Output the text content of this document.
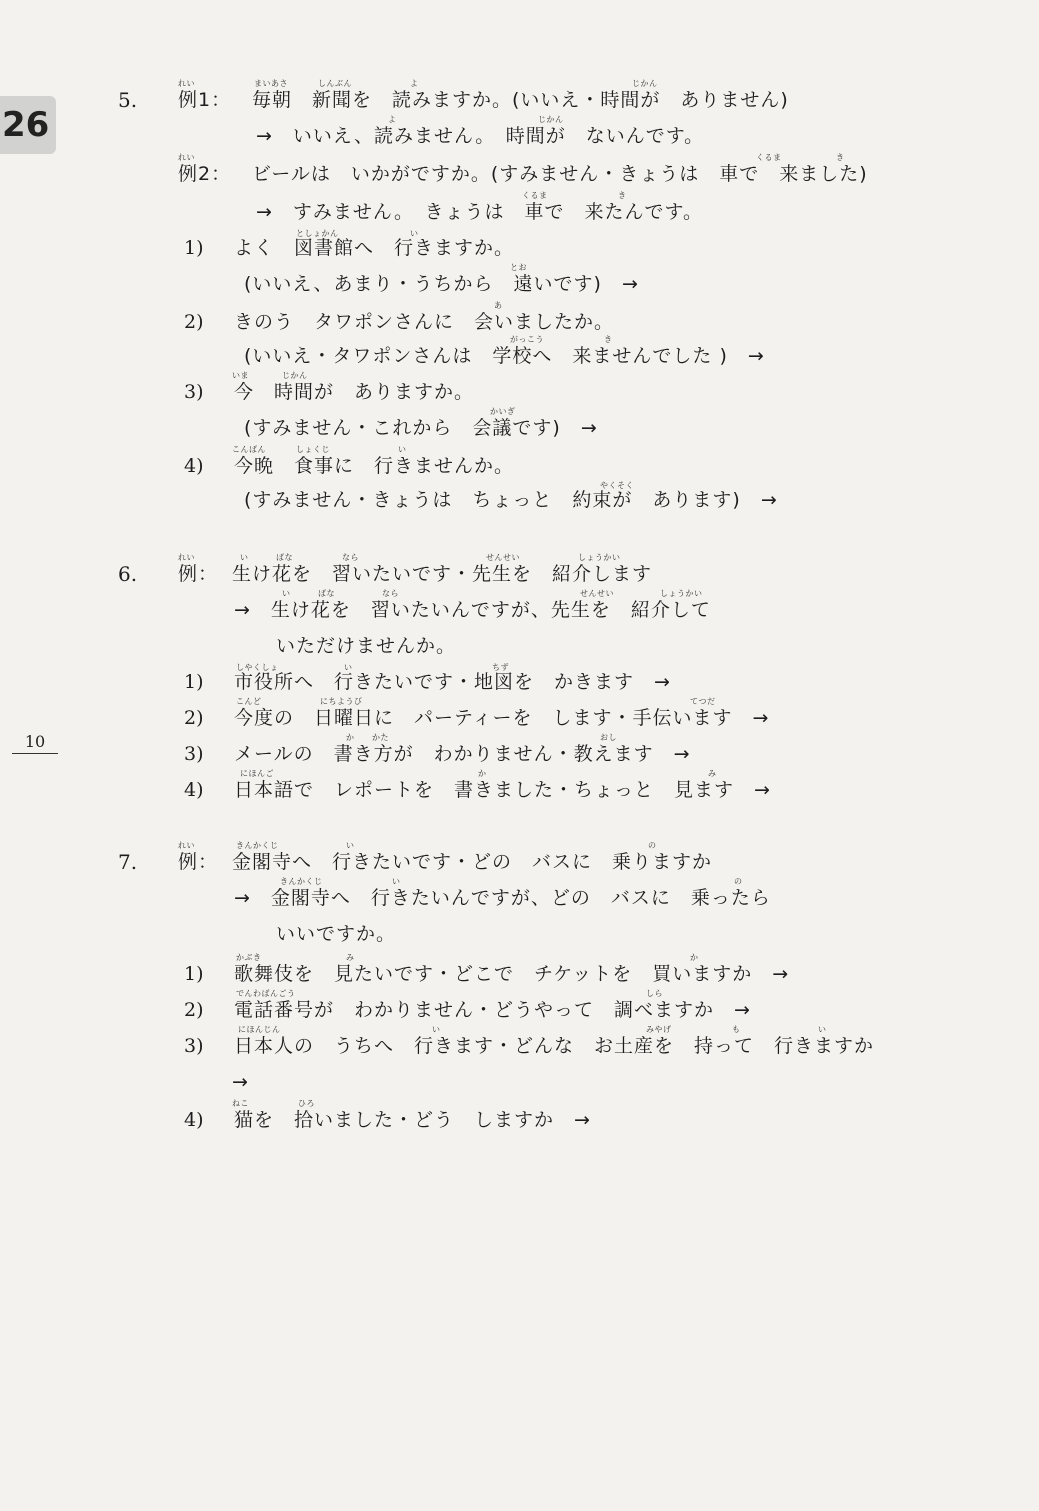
26
10
れい	まいあさ	しんぶん	よ	じかん
5. 例1： 毎朝　新聞を　読みますか。(いいえ・時間が　ありません)
よ	じかん
→　いいえ、読みません。　時間が　ないんです。
れい	くるま	き
例2： ビールは　いかがですか。(すみません・きょうは　車で　来ました)
くるま	き
→　すみません。　きょうは　車で　来たんです。
としょかん	い
1) よく　図書館へ　行きますか。
とお
(いいえ、あまり・うちから　遠いです)　→
あ
2) きのう　タワポンさんに　会いましたか。
がっこう	き
(いいえ・タワポンさんは　学校へ　来ませんでした )　→
いま	じかん
3) 今　時間が　ありますか。
かいぎ
(すみません・これから　会議です)　→
こんばん	しょくじ	い
4) 今晩　食事に　行きませんか。
やくそく
(すみません・きょうは　ちょっと　約束が　あります)　→
れい	い	ばな	なら	せんせい	しょうかい
6. 例： 生け花を　習いたいです・先生を　紹介します
い	ばな	なら	せんせい	しょうかい
→　生け花を　習いたいんですが、先生を　紹介して
いただけませんか。
しやくしょ	い	ちず
1) 市役所へ　行きたいです・地図を　かきます　→
こんど	にちようび	てつだ
2) 今度の　日曜日に　パーティーを　します・手伝います　→
か かた	おし
3) メールの　書き方が　わかりません・教えます　→
にほんご	か	み
4) 日本語で　レポートを　書きました・ちょっと　見ます　→
れい	きんかくじ	い	の
7. 例： 金閣寺へ　行きたいです・どの　バスに　乗りますか
きんかくじ	い	の
→　金閣寺へ　行きたいんですが、どの　バスに　乗ったら
いいですか。
かぶき	み	か
1) 歌舞伎を　見たいです・どこで　チケットを　買いますか　→
でんわばんごう	しら
2) 電話番号が　わかりません・どうやって　調べますか　→
にほんじん	い	みやげ	も	い
3) 日本人の　うちへ　行きます・どんな　お土産を　持って　行きますか
→
ねこ	ひろ
4) 猫を　拾いました・どう　しますか　→
